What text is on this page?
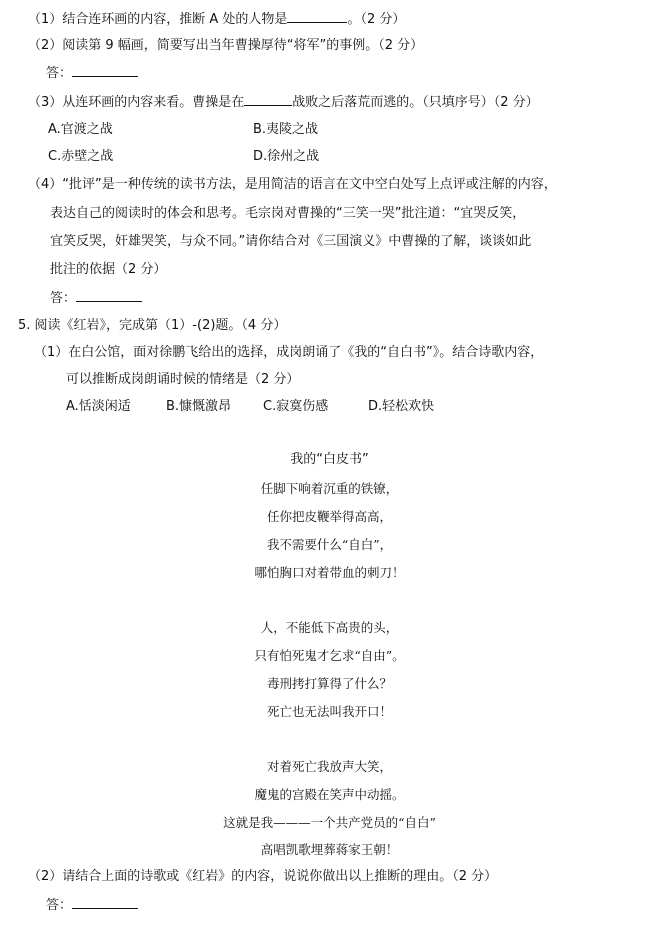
（1）结合连环画的内容，推断 A 处的人物是	。（2 分）
（2）阅读第 9 幅画，简要写出当年曹操厚待“将军”的事例。（2 分）
答：
（3）从连环画的内容来看。曹操是在	战败之后落荒而逃的。（只填序号）（2 分）
A.官渡之战	B.夷陵之战
C.赤壁之战	D.徐州之战
（4）“批评”是一种传统的读书方法，是用简洁的语言在文中空白处写上点评或注解的内容，
表达自己的阅读时的体会和思考。毛宗岗对曹操的“三笑一哭”批注道：“宜哭反笑，
宜笑反哭，奸雄哭笑，与众不同。”请你结合对《三国演义》中曹操的了解，谈谈如此
批注的依据（2 分）
答：
5. 阅读《红岩》，完成第（1）-(2)题。（4 分）
（1）在白公馆，面对徐鹏飞给出的选择，成岗朗诵了《我的“自白书”》。结合诗歌内容，
可以推断成岗朗诵时候的情绪是（2 分）
A.恬淡闲适	B.慷慨激昂 C.寂寞伤感	D.轻松欢快
我的“白皮书”
任脚下响着沉重的铁镣，
任你把皮鞭举得高高，
我不需要什么“自白”，
哪怕胸口对着带血的刺刀！
人，不能低下高贵的头，
只有怕死鬼才乞求“自由”。
毒刑拷打算得了什么？
死亡也无法叫我开口！
对着死亡我放声大笑，
魔鬼的宫殿在笑声中动摇。
这就是我———一个共产党员的“自白”
高唱凯歌埋葬蒋家王朝！
（2）请结合上面的诗歌或《红岩》的内容，说说你做出以上推断的理由。（2 分）
答：
